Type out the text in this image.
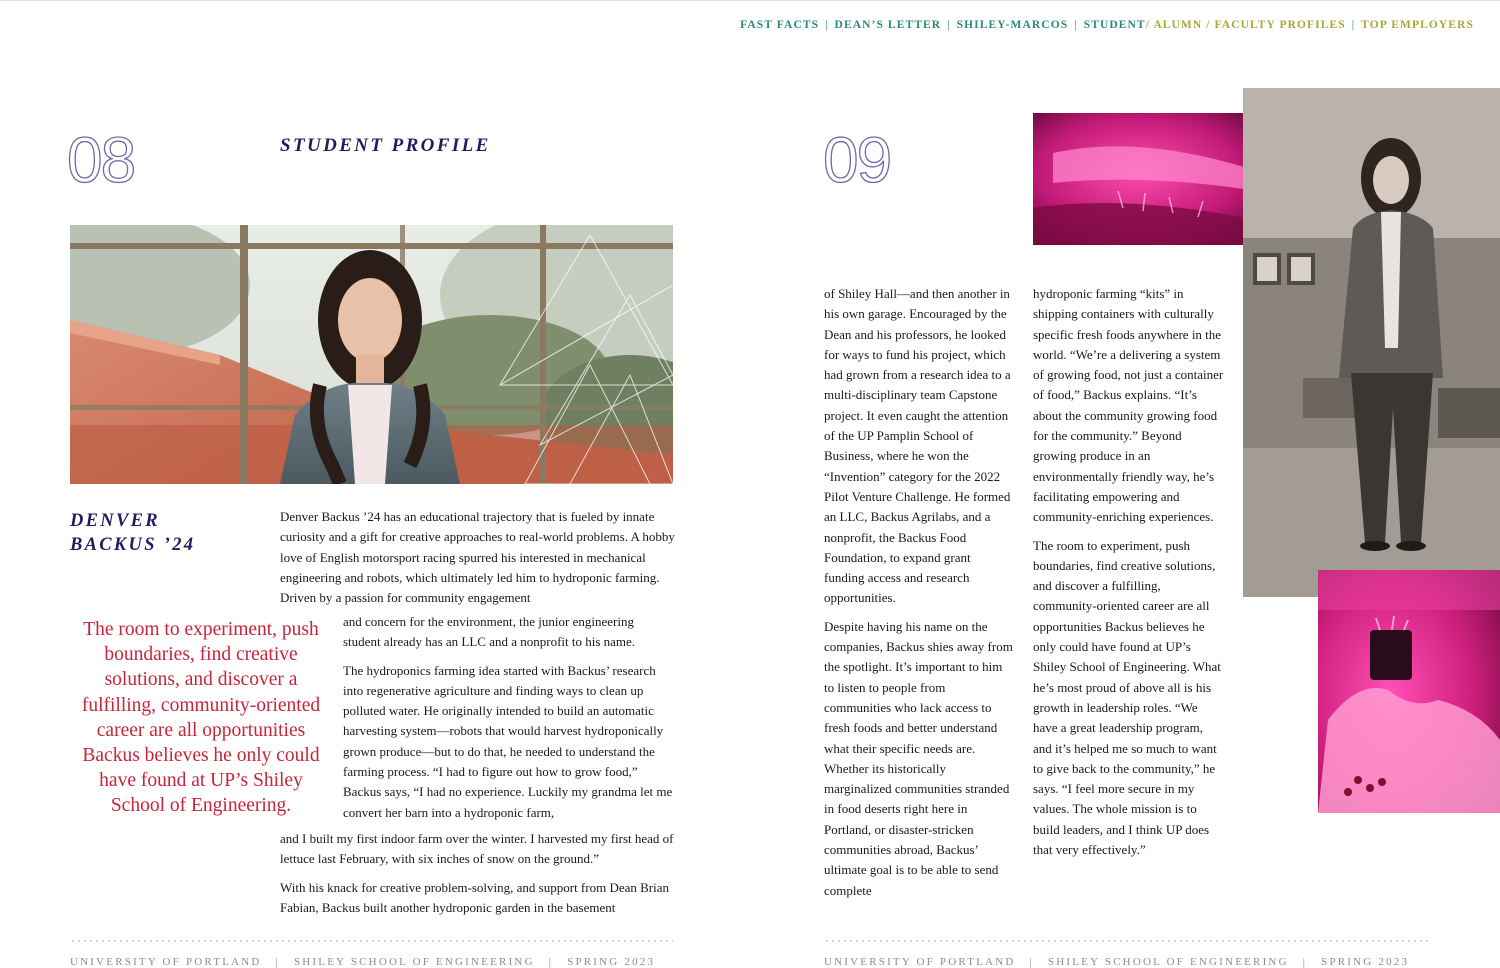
FAST FACTS | DEAN’S LETTER | SHILEY-MARCOS | STUDENT/ ALUMN / FACULTY PROFILES | TOP EMPLOYERS
08	STUDENT PROFILE
DENVER
BACKUS ’24
The room to experiment, push boundaries, find creative solutions, and discover a fulfilling, community-oriented career are all opportunities Backus believes he only could have found at UP’s Shiley School of Engineering.

Denver Backus ’24 has an educational trajectory that is fueled by innate curiosity and a gift for creative approaches to real-world problems. A hobby love of English motorsport racing spurred his interested in mechanical engineering and robots, which ultimately led him to hydroponic farming. Driven by a passion for community engagement

and concern for the environment, the junior engineering student already has an LLC and a nonprofit to his name.

The hydroponics farming idea started with Backus’ research into regenerative agriculture and finding ways to clean up polluted water. He originally intended to build an automatic harvesting system—robots that would harvest hydroponically grown produce—but to do that, he needed to understand the farming process. “I had to figure out how to grow food,” Backus says, “I had no experience. Luckily my grandma let me convert her barn into a hydroponic farm,

and I built my first indoor farm over the winter. I harvested my first head of lettuce last February, with six inches of snow on the ground.”

With his knack for creative problem-solving, and support from Dean Brian Fabian, Backus built another hydroponic garden in the basement

09

of Shiley Hall—and then another in his own garage. Encouraged by the Dean and his professors, he looked for ways to fund his project, which had grown from a research idea to a multi-disciplinary team Capstone project. It even caught the attention of the UP Pamplin School of Business, where he won the “Invention” category for the 2022 Pilot Venture Challenge. He formed an LLC, Backus Agrilabs, and a nonprofit, the Backus Food Foundation, to expand grant funding access and research opportunities.

Despite having his name on the companies, Backus shies away from the spotlight. It’s important to him to listen to people from communities who lack access to fresh foods and better understand what their specific needs are. Whether its historically marginalized communities stranded in food deserts right here in Portland, or disaster-stricken communities abroad, Backus’ ultimate goal is to be able to send complete

hydroponic farming “kits” in shipping containers with culturally specific fresh foods anywhere in the world. “We’re a delivering a system of growing food, not just a container of food,” Backus explains. “It’s about the community growing food for the community.” Beyond growing produce in an environmentally friendly way, he’s facilitating empowering and community-enriching experiences.

The room to experiment, push boundaries, find creative solutions, and discover a fulfilling, community-oriented career are all opportunities Backus believes he only could have found at UP’s Shiley School of Engineering. What he’s most proud of above all is his growth in leadership roles. “We have a great leadership program, and it’s helped me so much to want to give back to the community,” he says. “I feel more secure in my values. The whole mission is to build leaders, and I think UP does that very effectively.”

UNIVERSITY OF PORTLAND | SHILEY SCHOOL OF ENGINEERING | SPRING 2023	UNIVERSITY OF PORTLAND | SHILEY SCHOOL OF ENGINEERING | SPRING 2023
